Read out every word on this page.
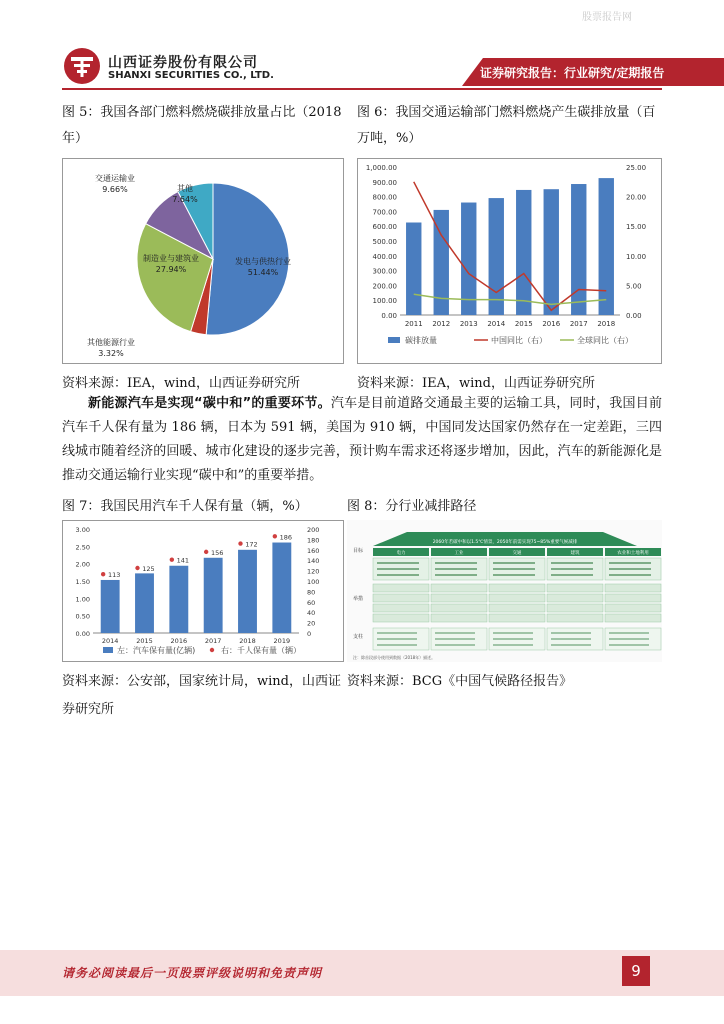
股票报告网
山西证券股份有限公司
SHANXI SECURITIES CO., LTD.	证券研究报告：行业研究/定期报告
图 5：我国各部门燃料燃烧碳排放量占比（2018 年）
发电与供热行业
51.44%
其他能源行业
3.32%
制造业与建筑业
27.94%
交通运输业
9.66%	其他
7.64%
资料来源：IEA，wind，山西证券研究所
图 6：我国交通运输部门燃料燃烧产生碳排放量（百万吨，%）
0.00
100.00
200.00
300.00
400.00
500.00
600.00
700.00
800.00
900.00
1,000.00
0.00
5.00
10.00
15.00
20.00
25.00
2011 2012 2013 2014 2015 2016 2017 2018
碳排放量	中国同比（右）	全球同比（右）
资料来源：IEA，wind，山西证券研究所
新能源汽车是实现“碳中和”的重要环节。汽车是目前道路交通最主要的运输工具，同时，我国目前汽车千人保有量为 186 辆，日本为 591 辆，美国为 910 辆，中国同发达国家仍然存在一定差距，三四线城市随着经济的回暖、城市化建设的逐步完善，预计购车需求还将逐步增加，因此，汽车的新能源化是推动交通运输行业实现“碳中和”的重要举措。
图 7：我国民用汽车千人保有量（辆，%）
0.00
0.50
1.00
1.50
2.00
2.50
3.00
0
20
40
60
80
100
120
140
160
180
200
2014	2015	2016	2017	2018	2019
113
125
141
156
172
186
左：汽车保有量(亿辆)	右：千人保有量（辆）
资料来源：公安部，国家统计局，wind，山西证券研究所
图 8：分行业减排路径
2060年若碳中和以1.5℃情景，2050年前需实现75~85%重要气候减排
目标
举措
支柱
电力	工业	交通	建筑	农业和土地利用
注：除首段部分使用到数据（2018年）描述。
资料来源：BCG《中国气候路径报告》
请务必阅读最后一页股票评级说明和免责声明	9
